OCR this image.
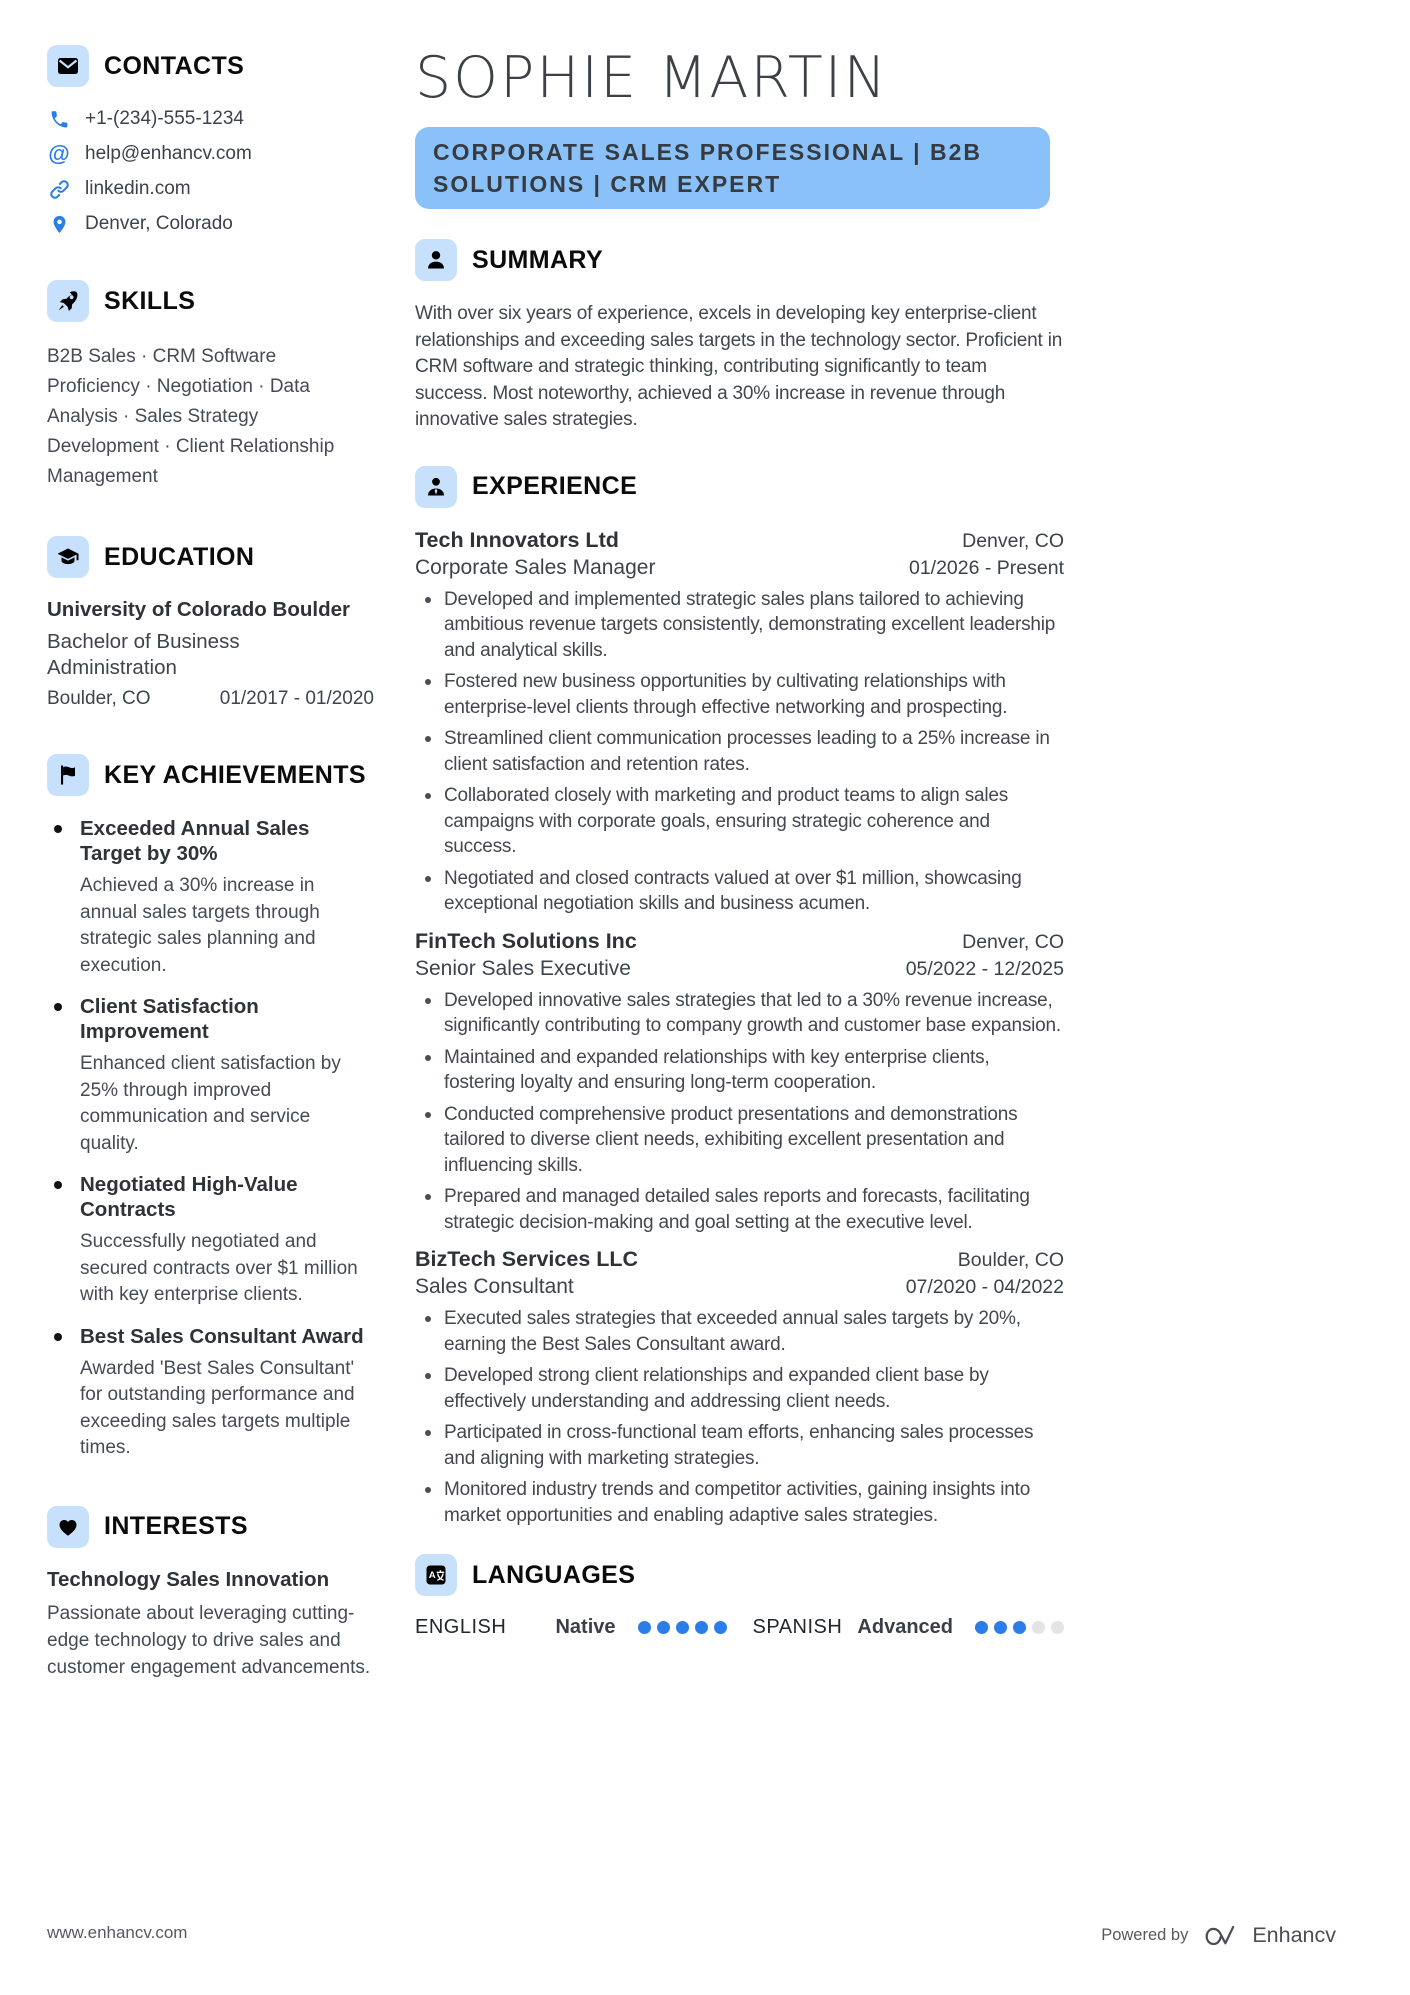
CONTACTS
+1-(234)-555-1234
@ help@enhancv.com
linkedin.com
Denver, Colorado
SKILLS

B2B Sales · CRM Software Proficiency · Negotiation · Data Analysis · Sales Strategy Development · Client Relationship Management

EDUCATION
University of Colorado Boulder
Bachelor of Business Administration
Boulder, CO	01/2017 - 01/2020
KEY ACHIEVEMENTS
Exceeded Annual Sales Target by 30%

Achieved a 30% increase in annual sales targets through strategic sales planning and execution.

Client Satisfaction Improvement

Enhanced client satisfaction by 25% through improved communication and service quality.

Negotiated High-Value Contracts

Successfully negotiated and secured contracts over $1 million with key enterprise clients.

Best Sales Consultant Award

Awarded 'Best Sales Consultant' for outstanding performance and exceeding sales targets multiple times.

INTERESTS
Technology Sales Innovation

Passionate about leveraging cutting-edge technology to drive sales and customer engagement advancements.

SOPHIE MARTIN
CORPORATE SALES PROFESSIONAL | B2B SOLUTIONS | CRM EXPERT
SUMMARY

With over six years of experience, excels in developing key enterprise-client relationships and exceeding sales targets in the technology sector. Proficient in CRM software and strategic thinking, contributing significantly to team success. Most noteworthy, achieved a 30% increase in revenue through innovative sales strategies.

EXPERIENCE
Tech Innovators Ltd	Denver, CO
Corporate Sales Manager	01/2026 - Present
Developed and implemented strategic sales plans tailored to achieving ambitious revenue targets consistently, demonstrating excellent leadership and analytical skills.
Fostered new business opportunities by cultivating relationships with enterprise-level clients through effective networking and prospecting.
Streamlined client communication processes leading to a 25% increase in client satisfaction and retention rates.
Collaborated closely with marketing and product teams to align sales campaigns with corporate goals, ensuring strategic coherence and success.
Negotiated and closed contracts valued at over $1 million, showcasing exceptional negotiation skills and business acumen.
FinTech Solutions Inc	Denver, CO
Senior Sales Executive	05/2022 - 12/2025
Developed innovative sales strategies that led to a 30% revenue increase, significantly contributing to company growth and customer base expansion.
Maintained and expanded relationships with key enterprise clients, fostering loyalty and ensuring long-term cooperation.
Conducted comprehensive product presentations and demonstrations tailored to diverse client needs, exhibiting excellent presentation and influencing skills.
Prepared and managed detailed sales reports and forecasts, facilitating strategic decision-making and goal setting at the executive level.
BizTech Services LLC	Boulder, CO
Sales Consultant	07/2020 - 04/2022
Executed sales strategies that exceeded annual sales targets by 20%, earning the Best Sales Consultant award.
Developed strong client relationships and expanded client base by effectively understanding and addressing client needs.
Participated in cross-functional team efforts, enhancing sales processes and aligning with marketing strategies.
Monitored industry trends and competitor activities, gaining insights into market opportunities and enabling adaptive sales strategies.
A LANGUAGES
ENGLISH Native	SPANISH Advanced
www.enhancv.com	Powered by	Enhancv
